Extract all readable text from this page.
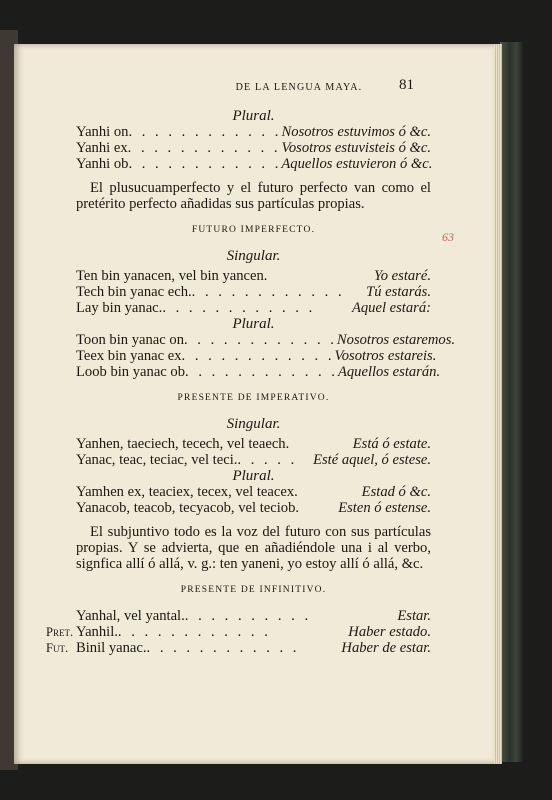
DE LA LENGUA MAYA.	81
63
Plural.
Yanhi on . . . . . . . . . . . . Nosotros estuvimos ó &c.
Yanhi ex . . . . . . . . . . . . Vosotros estuvisteis ó &c.
Yanhi ob . . . . . . . . . . . . Aquellos estuvieron ó &c.
El plusucuamperfecto y el futuro perfecto van como el pretérito perfecto añadidas sus partículas propias.
FUTURO IMPERFECTO.
Singular.
Ten bin yanacen, vel bin yancen.	Yo estaré.
Tech bin yanac ech. . . . . . . . . . . . .	Tú estarás.
Lay bin yanac. . . . . . . . . . . . .	Aquel estará:
Plural.
Toon bin yanac on . . . . . . . . . . . . Nosotros estaremos.
Teex bin yanac ex . . . . . . . . . . . . Vosotros estareis.
Loob bin yanac ob . . . . . . . . . . . . Aquellos estarán.
PRESENTE DE IMPERATIVO.
Singular.
Yanhen, taeciech, tecech, vel teaech.	Está ó estate.
Yanac, teac, teciac, vel teci. . . . . .	Esté aquel, ó estese.
Plural.
Yamhen ex, teaciex, tecex, vel teacex.	Estad ó &c.
Yanacob, teacob, tecyacob, vel teciob.	Esten ó estense.
El subjuntivo todo es la voz del futuro con sus partículas propias. Y se advierta, que en añadiéndole una i al verbo, signfica allí ó allá, v. g.: ten yaneni, yo estoy allí ó allá, &c.
PRESENTE DE INFINITIVO.
Yanhal, vel yantal. . . . . . . . . . .	Estar.
Pret. Yanhil. . . . . . . . . . . . .	Haber estado.
Fut. Binil yanac. . . . . . . . . . . . .	Haber de estar.
